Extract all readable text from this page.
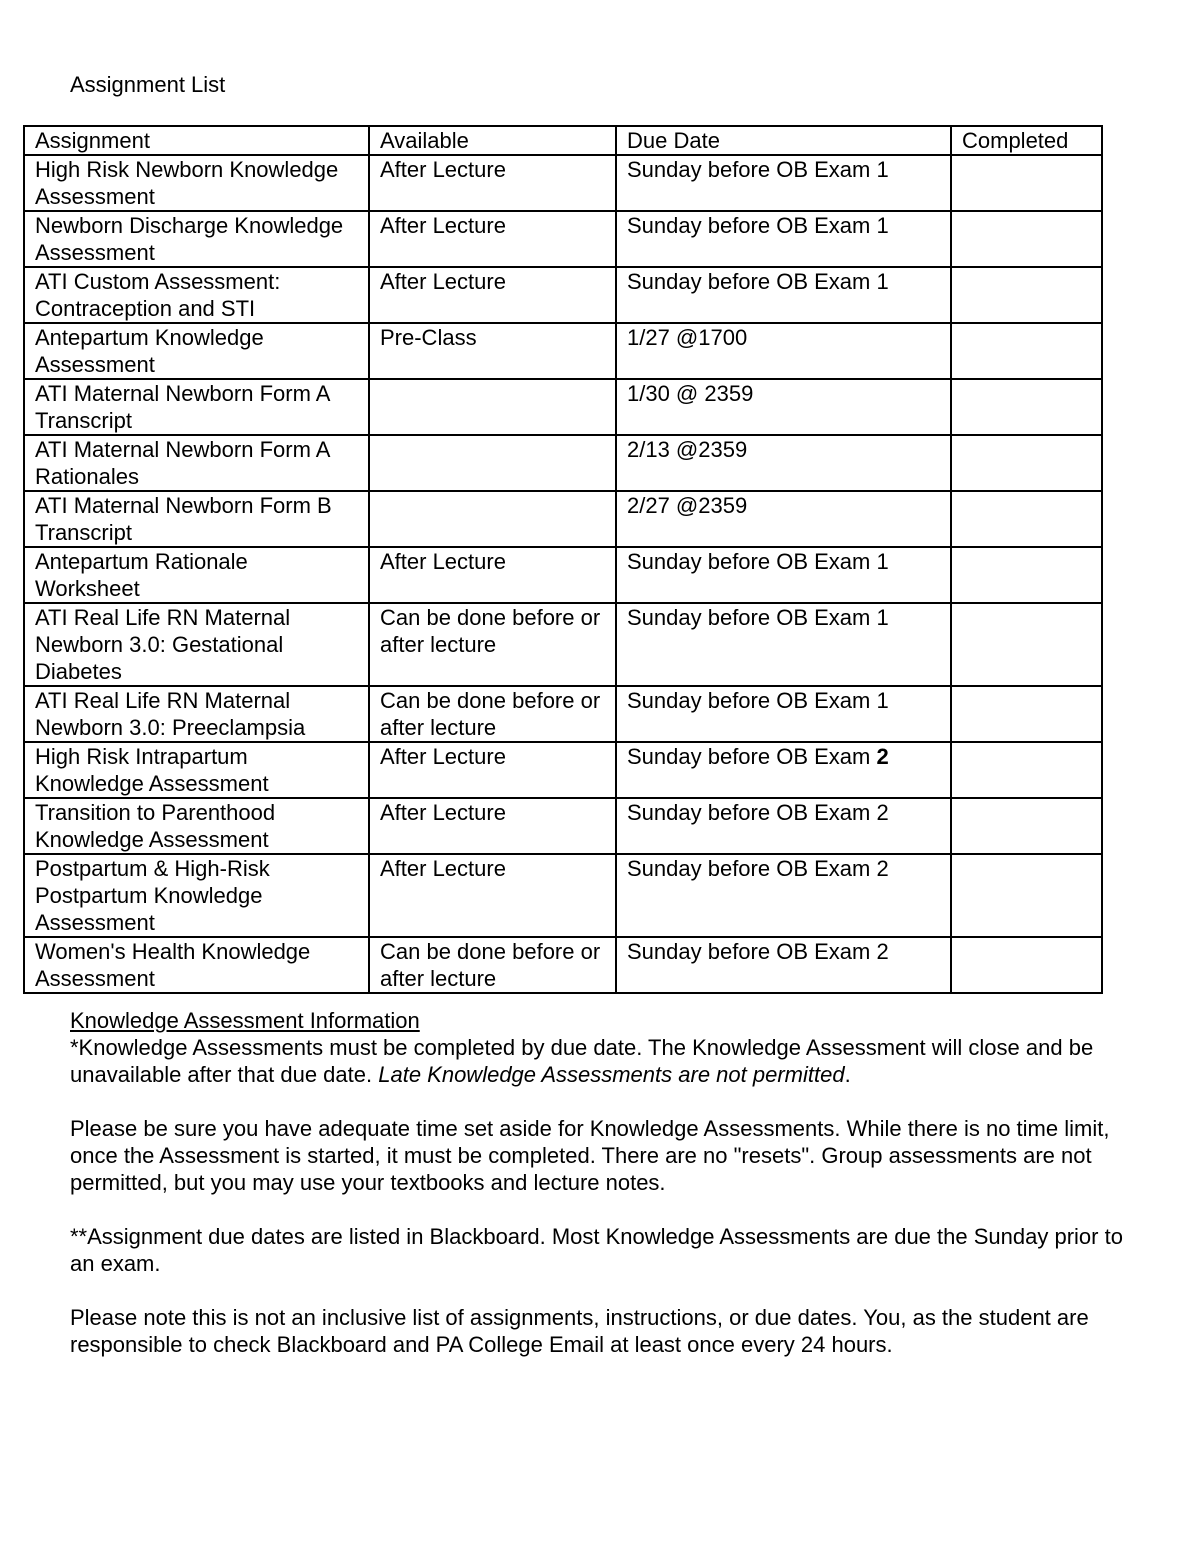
Assignment List
Assignment	Available	Due Date	Completed
High Risk Newborn Knowledge Assessment	After Lecture	Sunday before OB Exam 1	
Newborn Discharge Knowledge Assessment	After Lecture	Sunday before OB Exam 1	
ATI Custom Assessment: Contraception and STI	After Lecture	Sunday before OB Exam 1	
Antepartum Knowledge Assessment	Pre-Class	1/27 @1700	
ATI Maternal Newborn Form A Transcript		1/30 @ 2359	
ATI Maternal Newborn Form A Rationales		2/13 @2359	
ATI Maternal Newborn Form B Transcript		2/27 @2359	
Antepartum Rationale Worksheet	After Lecture	Sunday before OB Exam 1	
ATI Real Life RN Maternal Newborn 3.0: Gestational Diabetes	Can be done before or after lecture	Sunday before OB Exam 1	
ATI Real Life RN Maternal Newborn 3.0: Preeclampsia	Can be done before or after lecture	Sunday before OB Exam 1	
High Risk Intrapartum Knowledge Assessment	After Lecture	Sunday before OB Exam 2	
Transition to Parenthood Knowledge Assessment	After Lecture	Sunday before OB Exam 2	
Postpartum & High-Risk Postpartum Knowledge Assessment	After Lecture	Sunday before OB Exam 2	
Women's Health Knowledge Assessment	Can be done before or after lecture	Sunday before OB Exam 2	

Knowledge Assessment Information

*Knowledge Assessments must be completed by due date. The Knowledge Assessment will close and be unavailable after that due date. Late Knowledge Assessments are not permitted.

Please be sure you have adequate time set aside for Knowledge Assessments. While there is no time limit, once the Assessment is started, it must be completed. There are no "resets". Group assessments are not permitted, but you may use your textbooks and lecture notes.

**Assignment due dates are listed in Blackboard. Most Knowledge Assessments are due the Sunday prior to an exam.

Please note this is not an inclusive list of assignments, instructions, or due dates. You, as the student are responsible to check Blackboard and PA College Email at least once every 24 hours.
